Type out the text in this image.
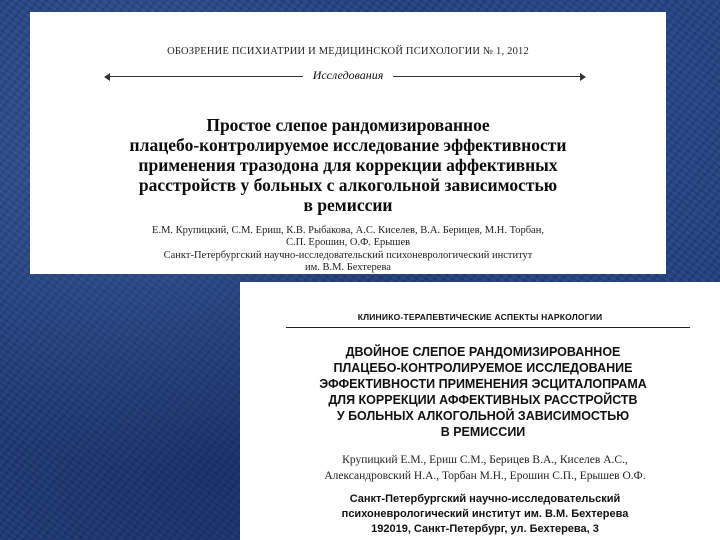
ОБОЗРЕНИЕ ПСИХИАТРИИ И МЕДИЦИНСКОЙ ПСИХОЛОГИИ № 1, 2012
Исследования
Простое слепое рандомизированное
плацебо-контролируемое исследование эффективности
применения тразодона для коррекции аффективных
расстройств у больных с алкогольной зависимостью
в ремиссии
Е.М. Крупицкий, С.М. Ериш, К.В. Рыбакова, А.С. Киселев, В.А. Берицев, М.Н. Торбан,
С.П. Ерошин, О.Ф. Ерышев
Санкт-Петербургский научно-исследовательский психоневрологический институт
им. В.М. Бехтерева
КЛИНИКО-ТЕРАПЕВТИЧЕСКИЕ АСПЕКТЫ НАРКОЛОГИИ
ДВОЙНОЕ СЛЕПОЕ РАНДОМИЗИРОВАННОЕ
ПЛАЦЕБО-КОНТРОЛИРУЕМОЕ ИССЛЕДОВАНИЕ
ЭФФЕКТИВНОСТИ ПРИМЕНЕНИЯ ЭСЦИТАЛОПРАМА
ДЛЯ КОРРЕКЦИИ АФФЕКТИВНЫХ РАССТРОЙСТВ
У БОЛЬНЫХ АЛКОГОЛЬНОЙ ЗАВИСИМОСТЬЮ
В РЕМИССИИ
Крупицкий Е.М., Ериш С.М., Берицев В.А., Киселев А.С.,
Александровский Н.А., Торбан М.Н., Ерошин С.П., Ерышев О.Ф.
Санкт-Петербургский научно-исследовательский
психоневрологический институт им. В.М. Бехтерева
192019, Санкт-Петербург, ул. Бехтерева, 3
